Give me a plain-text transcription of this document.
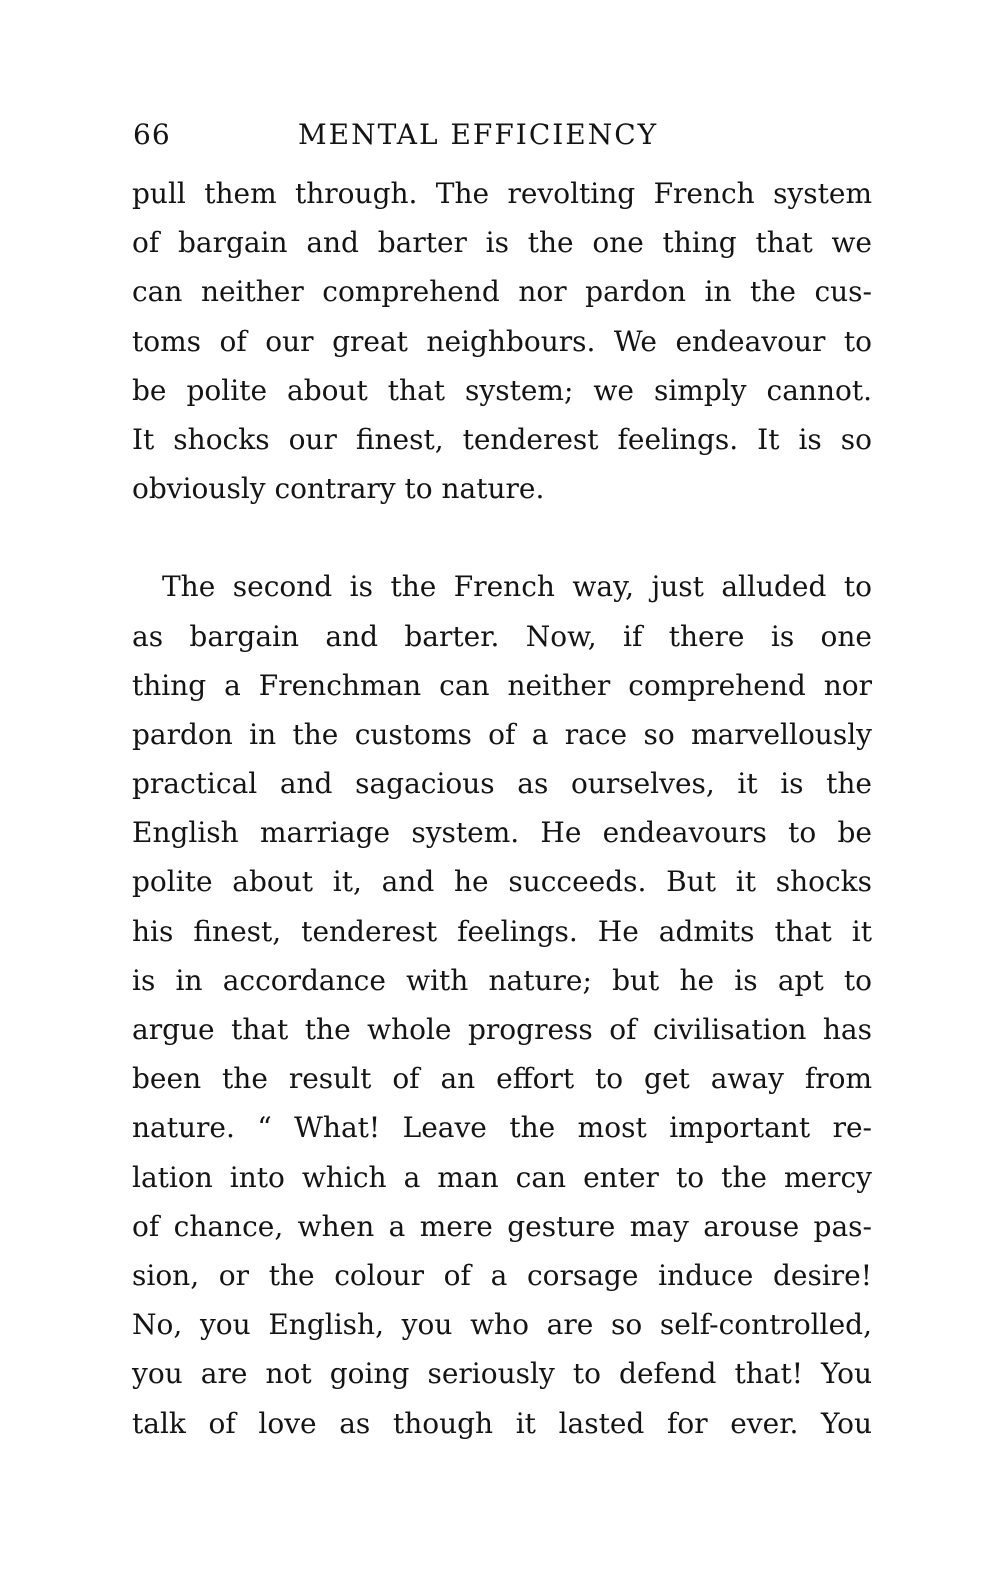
66	MENTAL EFFICIENCY
pull them through. The revolting French system
of bargain and barter is the one thing that we
can neither comprehend nor pardon in the cus-
toms of our great neighbours. We endeavour to
be polite about that system; we simply cannot.
It shocks our finest, tenderest feelings. It is so
obviously contrary to nature.
The second is the French way, just alluded to
as bargain and barter. Now, if there is one
thing a Frenchman can neither comprehend nor
pardon in the customs of a race so marvellously
practical and sagacious as ourselves, it is the
English marriage system. He endeavours to be
polite about it, and he succeeds. But it shocks
his finest, tenderest feelings. He admits that it
is in accordance with nature; but he is apt to
argue that the whole progress of civilisation has
been the result of an effort to get away from
nature. “ What! Leave the most important re-
lation into which a man can enter to the mercy
of chance, when a mere gesture may arouse pas-
sion, or the colour of a corsage induce desire!
No, you English, you who are so self-controlled,
you are not going seriously to defend that! You
talk of love as though it lasted for ever. You
